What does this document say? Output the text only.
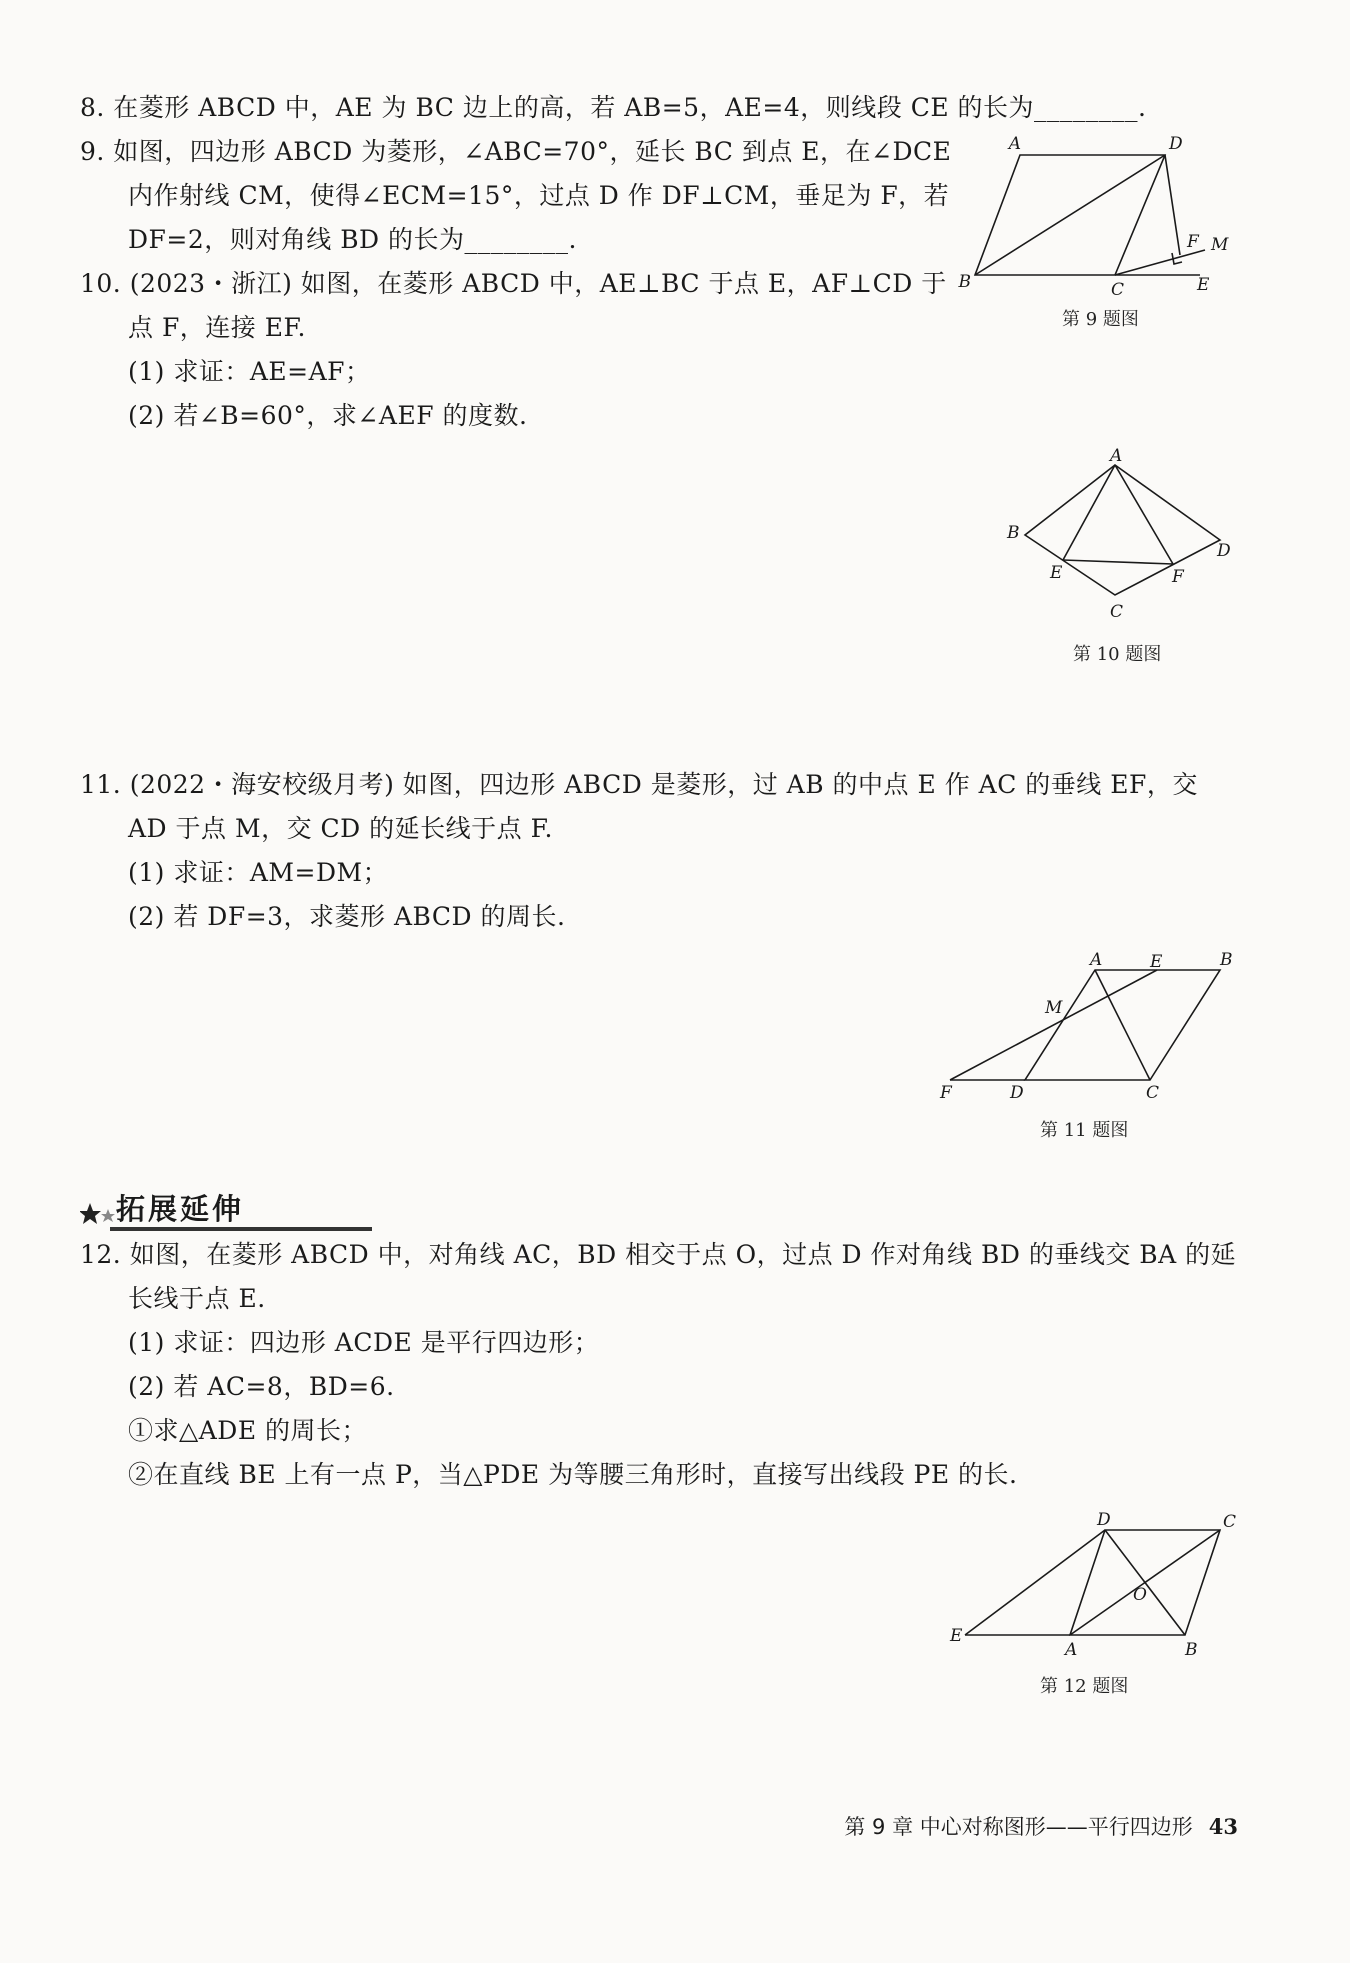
8. 在菱形 ABCD 中，AE 为 BC 边上的高，若 AB=5，AE=4，则线段 CE 的长为________.
9. 如图，四边形 ABCD 为菱形，∠ABC=70°，延长 BC 到点 E，在∠DCE
内作射线 CM，使得∠ECM=15°，过点 D 作 DF⊥CM，垂足为 F，若
DF=2，则对角线 BD 的长为________.
A	D
B	C	E
F M
第 9 题图
10. (2023・浙江) 如图，在菱形 ABCD 中，AE⊥BC 于点 E，AF⊥CD 于
点 F，连接 EF.
(1) 求证：AE=AF；
(2) 若∠B=60°，求∠AEF 的度数.
A
B
D
E	F
C
第 10 题图
11. (2022・海安校级月考) 如图，四边形 ABCD 是菱形，过 AB 的中点 E 作 AC 的垂线 EF，交
AD 于点 M，交 CD 的延长线于点 F.
(1) 求证：AM=DM；
(2) 若 DF=3，求菱形 ABCD 的周长.
A	E	B
M
F	D	C
第 11 题图
拓展延伸
12. 如图，在菱形 ABCD 中，对角线 AC，BD 相交于点 O，过点 D 作对角线 BD 的垂线交 BA 的延
长线于点 E.
(1) 求证：四边形 ACDE 是平行四边形；
(2) 若 AC=8，BD=6.
①求△ADE 的周长；
②在直线 BE 上有一点 P，当△PDE 为等腰三角形时，直接写出线段 PE 的长.
D	C
O
E
A	B
第 12 题图
第 9 章 中心对称图形——平行四边形 43
